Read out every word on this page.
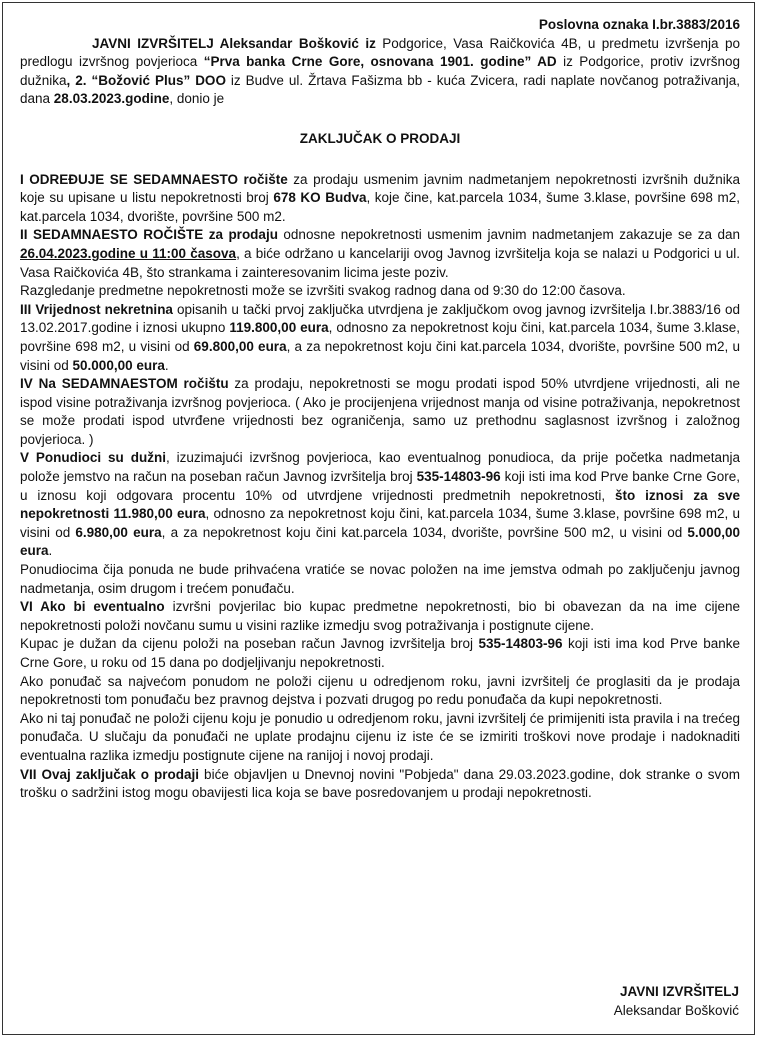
Poslovna oznaka I.br.3883/2016

JAVNI IZVRŠITELJ Aleksandar Bošković iz Podgorice, Vasa Raičkovića 4B, u predmetu izvršenja po predlogu izvršnog povjerioca “Prva banka Crne Gore, osnovana 1901. godine” AD iz Podgorice, protiv izvršnog dužnika, 2. “Božović Plus” DOO iz Budve ul. Žrtava Fašizma bb - kuća Zvicera, radi naplate novčanog potraživanja, dana 28.03.2023.godine, donio je

ZAKLJUČAK O PRODAJI

I ODREĐUJE SE SEDAMNAESTO ročište za prodaju usmenim javnim nadmetanjem nepokretnosti izvršnih dužnika koje su upisane u listu nepokretnosti broj 678 KO Budva, koje čine, kat.parcela 1034, šume 3.klase, površine 698 m2, kat.parcela 1034, dvorište, površine 500 m2.

II SEDAMNAESTO ROČIŠTE za prodaju odnosne nepokretnosti usmenim javnim nadmetanjem zakazuje se za dan 26.04.2023.godine u 11:00 časova, a biće održano u kancelariji ovog Javnog izvršitelja koja se nalazi u Podgorici u ul. Vasa Raičkovića 4B, što strankama i zainteresovanim licima jeste poziv.

Razgledanje predmetne nepokretnosti može se izvršiti svakog radnog dana od 9:30 do 12:00 časova.

III Vrijednost nekretnina opisanih u tački prvoj zaključka utvrdjena je zaključkom ovog javnog izvršitelja I.br.3883/16 od 13.02.2017.godine i iznosi ukupno 119.800,00 eura, odnosno za nepokretnost koju čini, kat.parcela 1034, šume 3.klase, površine 698 m2, u visini od 69.800,00 eura, a za nepokretnost koju čini kat.parcela 1034, dvorište, površine 500 m2, u visini od 50.000,00 eura.

IV Na SEDAMNAESTOM ročištu za prodaju, nepokretnosti se mogu prodati ispod 50% utvrdjene vrijednosti, ali ne ispod visine potraživanja izvršnog povjerioca. ( Ako je procijenjena vrijednost manja od visine potraživanja, nepokretnost se može prodati ispod utvrđene vrijednosti bez ograničenja, samo uz prethodnu saglasnost izvršnog i založnog povjerioca. )

V Ponudioci su dužni, izuzimajući izvršnog povjerioca, kao eventualnog ponudioca, da prije početka nadmetanja polože jemstvo na račun na poseban račun Javnog izvršitelja broj 535-14803-96 koji isti ima kod Prve banke Crne Gore, u iznosu koji odgovara procentu 10% od utvrdjene vrijednosti predmetnih nepokretnosti, što iznosi za sve nepokretnosti 11.980,00 eura, odnosno za nepokretnost koju čini, kat.parcela 1034, šume 3.klase, površine 698 m2, u visini od 6.980,00 eura, a za nepokretnost koju čini kat.parcela 1034, dvorište, površine 500 m2, u visini od 5.000,00 eura.

Ponudiocima čija ponuda ne bude prihvaćena vratiće se novac položen na ime jemstva odmah po zaključenju javnog nadmetanja, osim drugom i trećem ponuđaču.

VI Ako bi eventualno izvršni povjerilac bio kupac predmetne nepokretnosti, bio bi obavezan da na ime cijene nepokretnosti položi novčanu sumu u visini razlike izmedju svog potraživanja i postignute cijene.

Kupac je dužan da cijenu položi na poseban račun Javnog izvršitelja broj 535-14803-96 koji isti ima kod Prve banke Crne Gore, u roku od 15 dana po dodjeljivanju nepokretnosti.

Ako ponuđač sa najvećom ponudom ne položi cijenu u odredjenom roku, javni izvršitelj će proglasiti da je prodaja nepokretnosti tom ponuđaču bez pravnog dejstva i pozvati drugog po redu ponuđača da kupi nepokretnosti.

Ako ni taj ponuđač ne položi cijenu koju je ponudio u odredjenom roku, javni izvršitelj će primijeniti ista pravila i na trećeg ponuđača. U slučaju da ponuđači ne uplate prodajnu cijenu iz iste će se izmiriti troškovi nove prodaje i nadoknaditi eventualna razlika izmedju postignute cijene na ranijoj i novoj prodaji.

VII Ovaj zaključak o prodaji biće objavljen u Dnevnoj novini "Pobjeda" dana 29.03.2023.godine, dok stranke o svom trošku o sadržini istog mogu obavijesti lica koja se bave posredovanjem u prodaji nepokretnosti.

JAVNI IZVRŠITELJ
Aleksandar Bošković
